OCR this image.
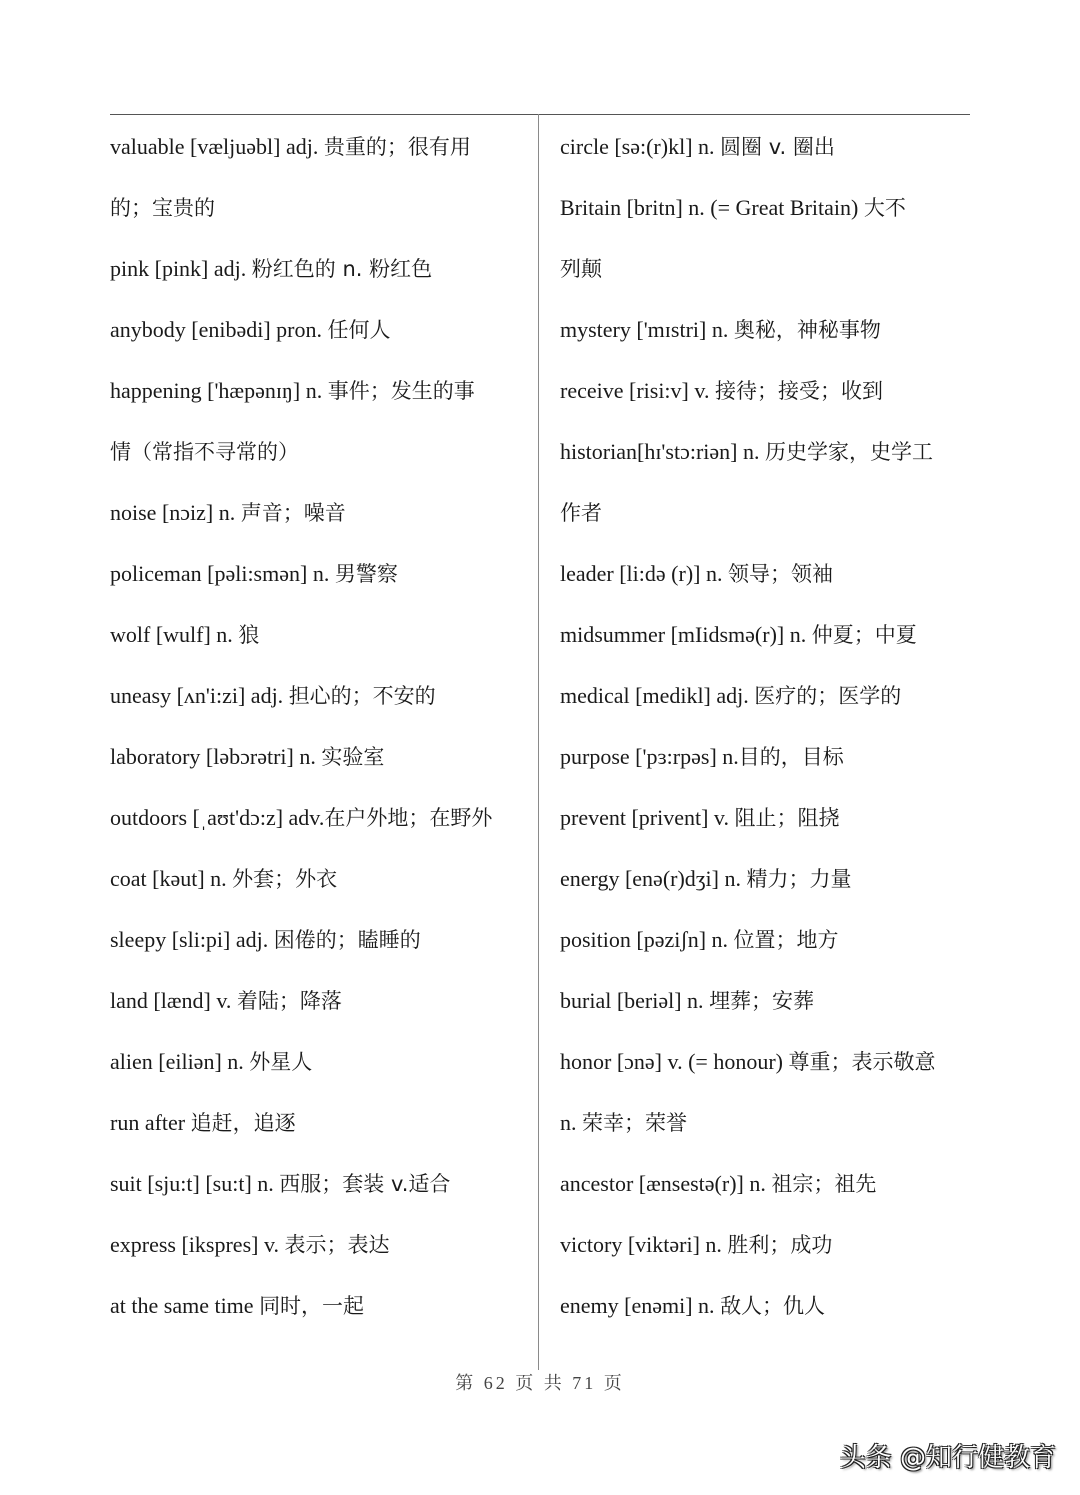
valuable [væljuəbl] adj. 贵重的；很有用
的；宝贵的
pink [pink] adj. 粉红色的 n. 粉红色
anybody [enibədi] pron. 任何人
happening ['hæpənɪŋ] n. 事件；发生的事
情（常指不寻常的）
noise [nɔiz] n. 声音；噪音
policeman [pəli:smən] n. 男警察
wolf [wulf] n. 狼
uneasy [ʌn'i:zi] adj. 担心的；不安的
laboratory [ləbɔrətri] n. 实验室
outdoors [ˌaʊt'dɔ:z] adv.在户外地；在野外
coat [kəut] n. 外套；外衣
sleepy [sli:pi] adj. 困倦的；瞌睡的
land [lænd] v. 着陆；降落
alien [eiliən] n. 外星人
run after 追赶，追逐
suit [sju:t] [su:t] n. 西服；套装 v.适合
express [ikspres] v. 表示；表达
at the same time 同时，一起
circle [sə:(r)kl] n. 圆圈 v. 圈出
Britain [britn] n. (= Great Britain) 大不
列颠
mystery ['mɪstri] n. 奥秘，神秘事物
receive [risi:v] v. 接待；接受；收到
historian[hɪ'stɔ:riən] n. 历史学家，史学工
作者
leader [li:də (r)] n. 领导；领袖
midsummer [mIidsmə(r)] n. 仲夏；中夏
medical [medikl] adj. 医疗的；医学的
purpose ['pɜ:rpəs] n.目的，目标
prevent [privent] v. 阻止；阻挠
energy [enə(r)dʒi] n. 精力；力量
position [pəziʃn] n. 位置；地方
burial [beriəl] n. 埋葬；安葬
honor [ɔnə] v. (= honour) 尊重；表示敬意
n. 荣幸；荣誉
ancestor [ænsestə(r)] n. 祖宗；祖先
victory [viktəri] n. 胜利；成功
enemy [enəmi] n. 敌人；仇人
第 62 页 共 71 页
头条 @知行健教育
